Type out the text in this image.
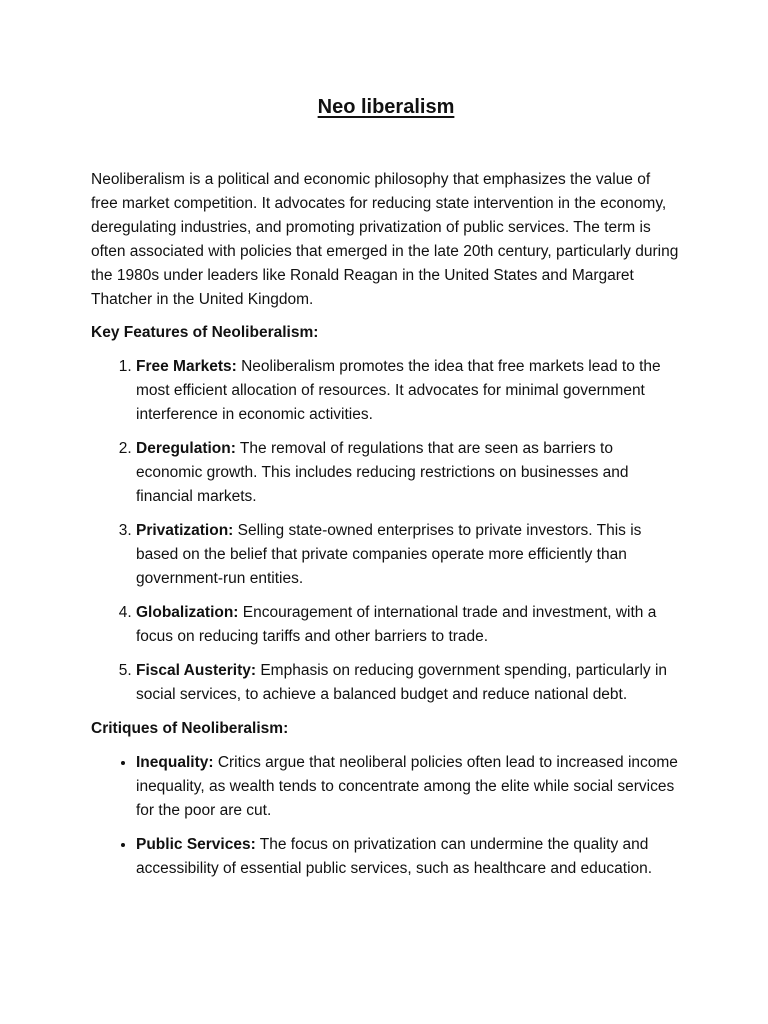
Neo liberalism

Neoliberalism is a political and economic philosophy that emphasizes the value of free market competition. It advocates for reducing state intervention in the economy, deregulating industries, and promoting privatization of public services. The term is often associated with policies that emerged in the late 20th century, particularly during the 1980s under leaders like Ronald Reagan in the United States and Margaret Thatcher in the United Kingdom.

Key Features of Neoliberalism:
1. Free Markets: Neoliberalism promotes the idea that free markets lead to the most efficient allocation of resources. It advocates for minimal government interference in economic activities.
2. Deregulation: The removal of regulations that are seen as barriers to economic growth. This includes reducing restrictions on businesses and financial markets.
3. Privatization: Selling state-owned enterprises to private investors. This is based on the belief that private companies operate more efficiently than government-run entities.
4. Globalization: Encouragement of international trade and investment, with a focus on reducing tariffs and other barriers to trade.
5. Fiscal Austerity: Emphasis on reducing government spending, particularly in social services, to achieve a balanced budget and reduce national debt.
Critiques of Neoliberalism:
• Inequality: Critics argue that neoliberal policies often lead to increased income inequality, as wealth tends to concentrate among the elite while social services for the poor are cut.
• Public Services: The focus on privatization can undermine the quality and accessibility of essential public services, such as healthcare and education.
